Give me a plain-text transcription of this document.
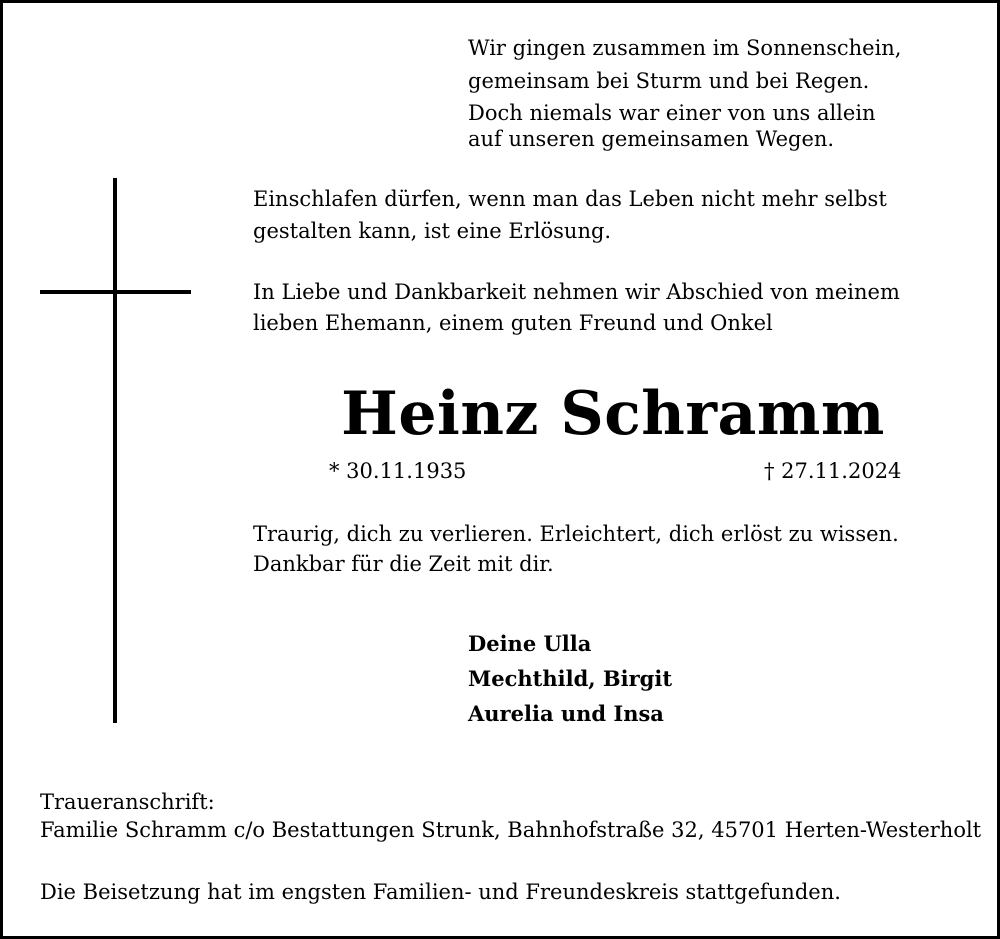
Wir gingen zusammen im Sonnenschein,

gemeinsam bei Sturm und bei Regen.

Doch niemals war einer von uns allein

auf unseren gemeinsamen Wegen.

Einschlafen dürfen, wenn man das Leben nicht mehr selbst

gestalten kann, ist eine Erlösung.

In Liebe und Dankbarkeit nehmen wir Abschied von meinem

lieben Ehemann, einem guten Freund und Onkel

Heinz Schramm

* 30.11.1935	† 27.11.2024

Traurig, dich zu verlieren. Erleichtert, dich erlöst zu wissen.

Dankbar für die Zeit mit dir.

Deine Ulla

Mechthild, Birgit

Aurelia und Insa

Traueranschrift:

Familie Schramm c/o Bestattungen Strunk, Bahnhofstraße 32, 45701 Herten-Westerholt

Die Beisetzung hat im engsten Familien- und Freundeskreis stattgefunden.
